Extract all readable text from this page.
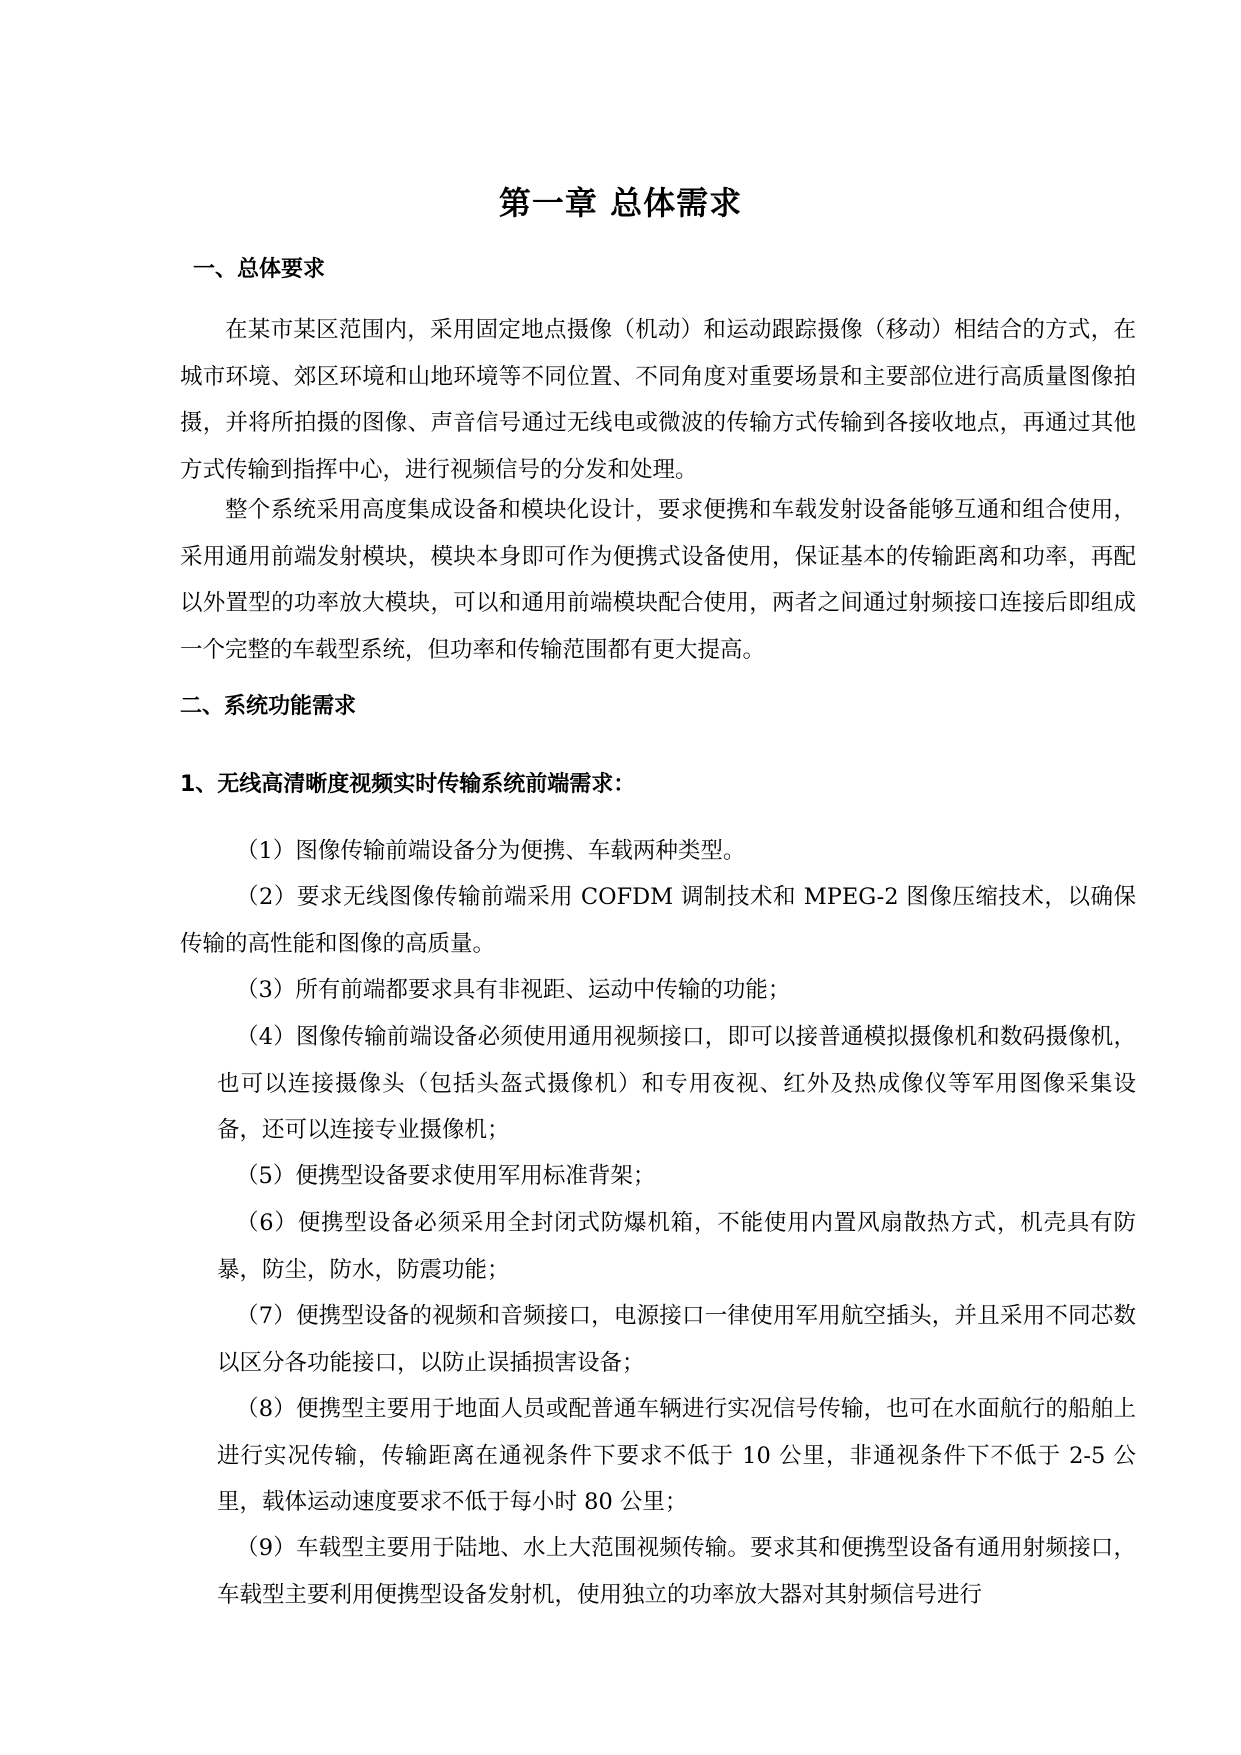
第一章 总体需求
一、总体要求

在某市某区范围内，采用固定地点摄像（机动）和运动跟踪摄像（移动）相结合的方式，在城市环境、郊区环境和山地环境等不同位置、不同角度对重要场景和主要部位进行高质量图像拍摄，并将所拍摄的图像、声音信号通过无线电或微波的传输方式传输到各接收地点，再通过其他方式传输到指挥中心，进行视频信号的分发和处理。

整个系统采用高度集成设备和模块化设计，要求便携和车载发射设备能够互通和组合使用，采用通用前端发射模块，模块本身即可作为便携式设备使用，保证基本的传输距离和功率，再配以外置型的功率放大模块，可以和通用前端模块配合使用，两者之间通过射频接口连接后即组成一个完整的车载型系统，但功率和传输范围都有更大提高。

二、系统功能需求
1、无线高清晰度视频实时传输系统前端需求：

（1）图像传输前端设备分为便携、车载两种类型。

（2）要求无线图像传输前端采用 COFDM 调制技术和 MPEG-2 图像压缩技术，以确保传输的高性能和图像的高质量。

（3）所有前端都要求具有非视距、运动中传输的功能；

（4）图像传输前端设备必须使用通用视频接口，即可以接普通模拟摄像机和数码摄像机，也可以连接摄像头（包括头盔式摄像机）和专用夜视、红外及热成像仪等军用图像采集设备，还可以连接专业摄像机；

（5）便携型设备要求使用军用标准背架；

（6）便携型设备必须采用全封闭式防爆机箱，不能使用内置风扇散热方式，机壳具有防暴，防尘，防水，防震功能；

（7）便携型设备的视频和音频接口，电源接口一律使用军用航空插头，并且采用不同芯数以区分各功能接口，以防止误插损害设备；

（8）便携型主要用于地面人员或配普通车辆进行实况信号传输，也可在水面航行的船舶上进行实况传输，传输距离在通视条件下要求不低于 10 公里，非通视条件下不低于 2-5 公里，载体运动速度要求不低于每小时 80 公里；

（9）车载型主要用于陆地、水上大范围视频传输。要求其和便携型设备有通用射频接口，车载型主要利用便携型设备发射机，使用独立的功率放大器对其射频信号进行
